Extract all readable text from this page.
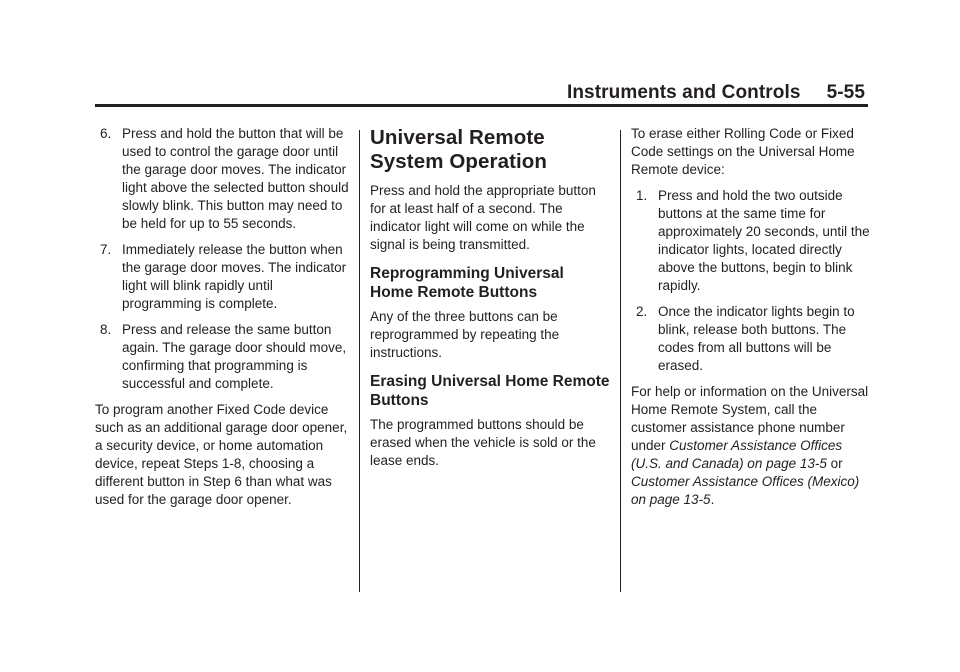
Instruments and Controls 5-55
6. Press and hold the button that will be used to control the garage door until the garage door moves. The indicator light above the selected button should slowly blink. This button may need to be held for up to 55 seconds.
7. Immediately release the button when the garage door moves. The indicator light will blink rapidly until programming is complete.
8. Press and release the same button again. The garage door should move, confirming that programming is successful and complete.

To program another Fixed Code device such as an additional garage door opener, a security device, or home automation device, repeat Steps 1-8, choosing a different button in Step 6 than what was used for the garage door opener.

Universal Remote System Operation

Press and hold the appropriate button for at least half of a second. The indicator light will come on while the signal is being transmitted.

Reprogramming Universal Home Remote Buttons

Any of the three buttons can be reprogrammed by repeating the instructions.

Erasing Universal Home Remote Buttons

The programmed buttons should be erased when the vehicle is sold or the lease ends.

To erase either Rolling Code or Fixed Code settings on the Universal Home Remote device:

1. Press and hold the two outside buttons at the same time for approximately 20 seconds, until the indicator lights, located directly above the buttons, begin to blink rapidly.
2. Once the indicator lights begin to blink, release both buttons. The codes from all buttons will be erased.

For help or information on the Universal Home Remote System, call the customer assistance phone number under Customer Assistance Offices (U.S. and Canada) on page 13-5 or Customer Assistance Offices (Mexico) on page 13-5.
